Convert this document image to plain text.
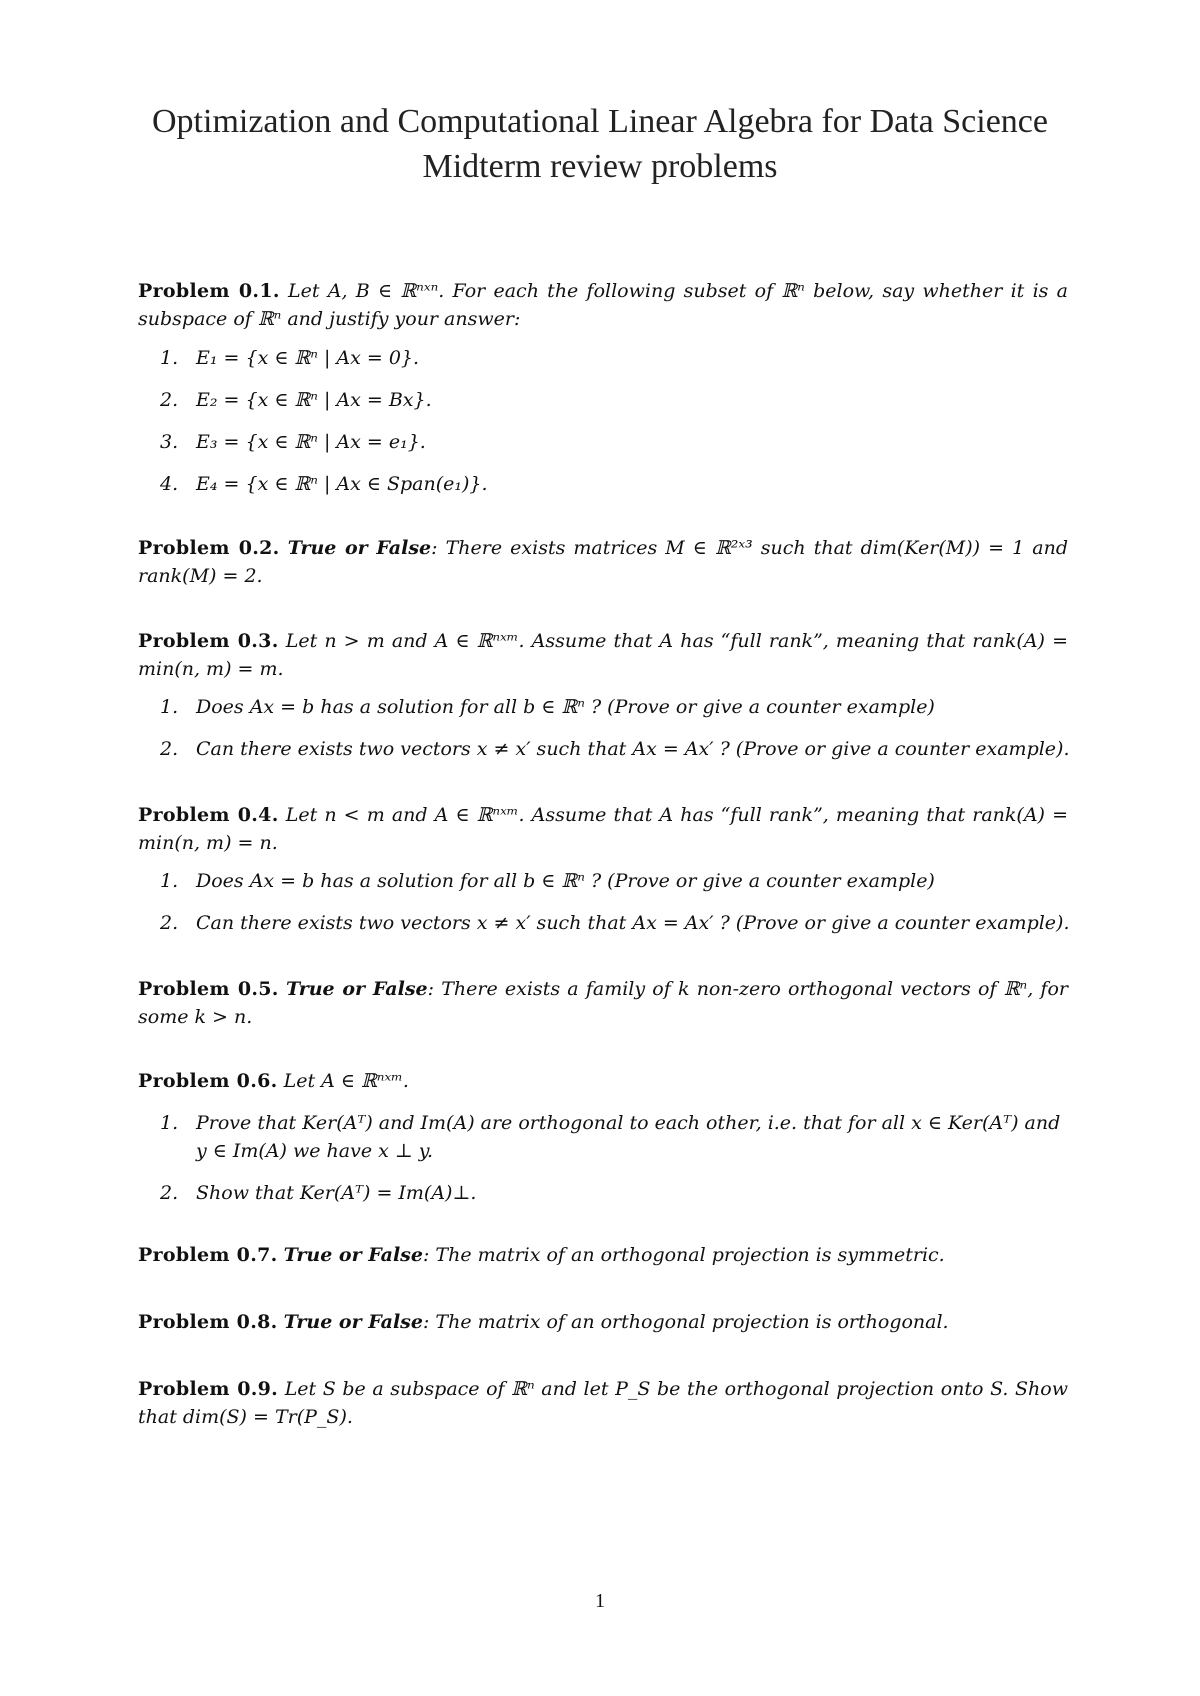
Optimization and Computational Linear Algebra for Data Science
Midterm review problems
Problem 0.1. Let A, B ∈ ℝⁿˣⁿ. For each the following subset of ℝⁿ below, say whether it is a subspace of ℝⁿ and justify your answer:
1. E₁ = {x ∈ ℝⁿ | Ax = 0}.
2. E₂ = {x ∈ ℝⁿ | Ax = Bx}.
3. E₃ = {x ∈ ℝⁿ | Ax = e₁}.
4. E₄ = {x ∈ ℝⁿ | Ax ∈ Span(e₁)}.
Problem 0.2. True or False: There exists matrices M ∈ ℝ²ˣ³ such that dim(Ker(M)) = 1 and rank(M) = 2.
Problem 0.3. Let n > m and A ∈ ℝⁿˣᵐ. Assume that A has “full rank”, meaning that rank(A) = min(n, m) = m.
1. Does Ax = b has a solution for all b ∈ ℝⁿ ? (Prove or give a counter example)
2. Can there exists two vectors x ≠ x′ such that Ax = Ax′ ? (Prove or give a counter example).
Problem 0.4. Let n < m and A ∈ ℝⁿˣᵐ. Assume that A has “full rank”, meaning that rank(A) = min(n, m) = n.
1. Does Ax = b has a solution for all b ∈ ℝⁿ ? (Prove or give a counter example)
2. Can there exists two vectors x ≠ x′ such that Ax = Ax′ ? (Prove or give a counter example).
Problem 0.5. True or False: There exists a family of k non-zero orthogonal vectors of ℝⁿ, for some k > n.
Problem 0.6. Let A ∈ ℝⁿˣᵐ.
1. Prove that Ker(Aᵀ) and Im(A) are orthogonal to each other, i.e. that for all x ∈ Ker(Aᵀ) and y ∈ Im(A) we have x ⊥ y.
2. Show that Ker(Aᵀ) = Im(A)⊥.
Problem 0.7. True or False: The matrix of an orthogonal projection is symmetric.
Problem 0.8. True or False: The matrix of an orthogonal projection is orthogonal.
Problem 0.9. Let S be a subspace of ℝⁿ and let P_S be the orthogonal projection onto S. Show that dim(S) = Tr(P_S).
1
